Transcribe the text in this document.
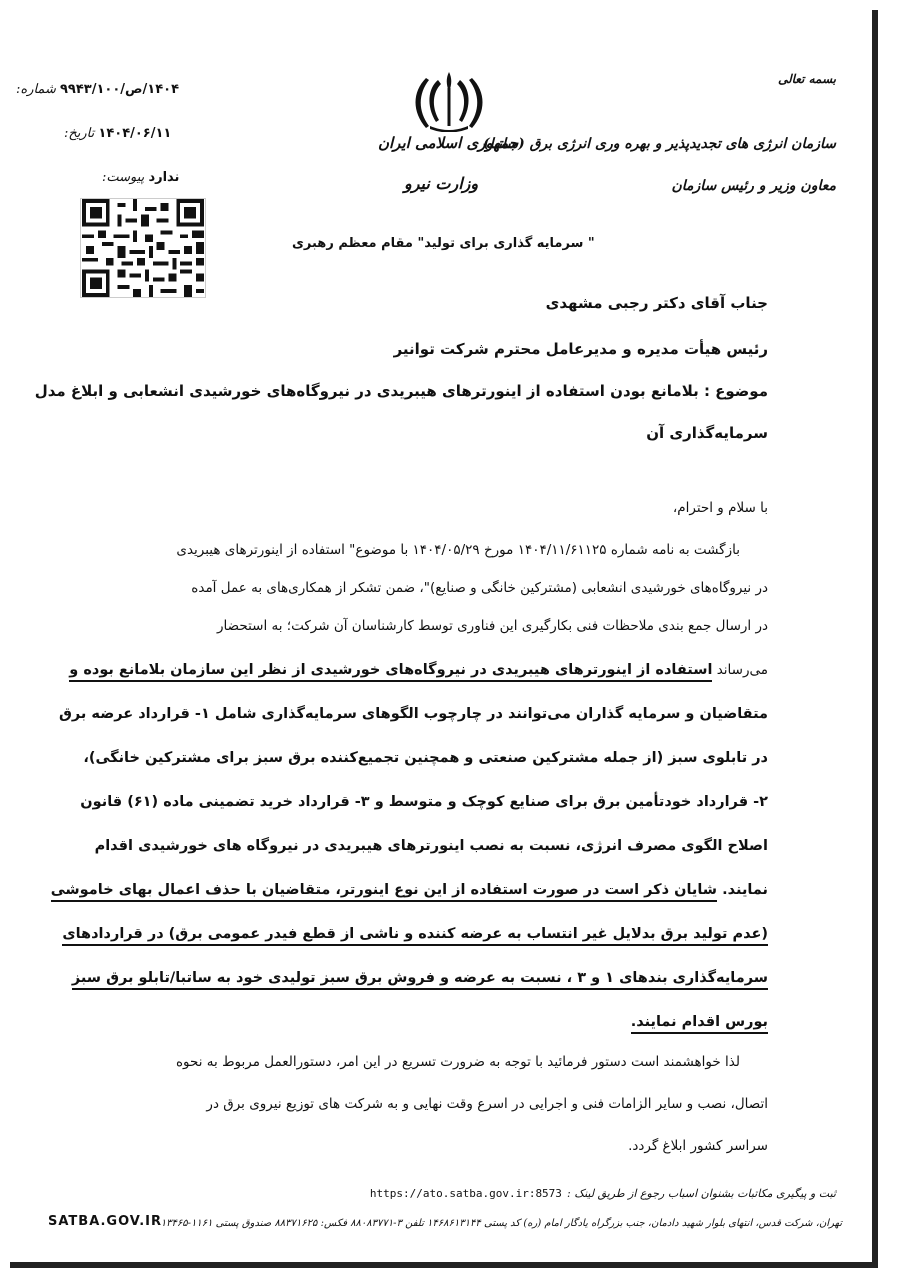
بسمه تعالی
سازمان انرژی های تجدیدپذیر و بهره وری انرژی برق (ساتبا)
معاون وزیر و رئیس سازمان
جمهوری اسلامی ایران
وزارت نیرو
" سرمایه گذاری برای تولید" مقام معظم رهبری
۱۴۰۴/ص/۹۹۴۳/۱۰۰ شماره:
۱۴۰۴/۰۶/۱۱ تاریخ:
ندارد پیوست:
جناب آقای دکتر رجبی مشهدی
رئیس هیأت مدیره و مدیرعامل محترم شرکت توانیر
موضوع : بلامانع بودن استفاده از اینورترهای هیبریدی در نیروگاه‌های خورشیدی انشعابی و ابلاغ مدل
سرمایه‌گذاری آن
با سلام و احترام،
بازگشت به نامه شماره ۱۴۰۴/۱۱/۶۱۱۲۵ مورخ ۱۴۰۴/۰۵/۲۹ با موضوع" استفاده از اینورترهای هیبریدی
در نیروگاه‌های خورشیدی انشعابی (مشترکین خانگی و صنایع)"، ضمن تشکر از همکاری‌های به عمل آمده
در ارسال جمع بندی ملاحظات فنی بکارگیری این فناوری توسط کارشناسان آن شرکت؛ به استحضار
می‌رساند استفاده از اینورترهای هیبریدی در نیروگاه‌های خورشیدی از نظر این سازمان بلامانع بوده و
متقاضیان و سرمایه گذاران می‌توانند در چارچوب الگوهای سرمایه‌گذاری شامل ۱- قرارداد عرضه برق
در تابلوی سبز (از جمله مشترکین صنعتی و همچنین تجمیع‌کننده برق سبز برای مشترکین خانگی)،
۲- قرارداد خودتأمین برق برای صنایع کوچک و متوسط و ۳- قرارداد خرید تضمینی ماده (۶۱) قانون
اصلاح الگوی مصرف انرژی، نسبت به نصب اینورترهای هیبریدی در نیروگاه های خورشیدی اقدام
نمایند. شایان ذکر است در صورت استفاده از این نوع اینورتر، متقاضیان با حذف اعمال بهای خاموشی
(عدم تولید برق بدلایل غیر انتساب به عرضه کننده و ناشی از قطع فیدر عمومی برق) در قراردادهای
سرمایه‌گذاری بندهای ۱ و ۳ ، نسبت به عرضه و فروش برق سبز تولیدی خود به ساتبا/تابلو برق سبز
بورس اقدام نمایند.
لذا خواهشمند است دستور فرمائید با توجه به ضرورت تسریع در این امر، دستورالعمل مربوط به نحوه
اتصال، نصب و سایر الزامات فنی و اجرایی در اسرع وقت نهایی و به شرکت های توزیع نیروی برق در
سراسر کشور ابلاغ گردد.
ثبت و پیگیری مکاتبات بشنوان اسباب رجوع از طریق لینک : https://ato.satba.gov.ir:8573
تهران، شرکت قدس، انتهای بلوار شهید دادمان، جنب بزرگراه یادگار امام (ره) کد پستی ۱۴۶۸۶۱۳۱۴۴ تلفن ۳-۸۸۰۸۳۷۷۱ فکس: ۸۸۳۷۱۶۲۵ صندوق پستی ۱۱۶۱-۱۳۴۶۵
SATBA.GOV.IR
